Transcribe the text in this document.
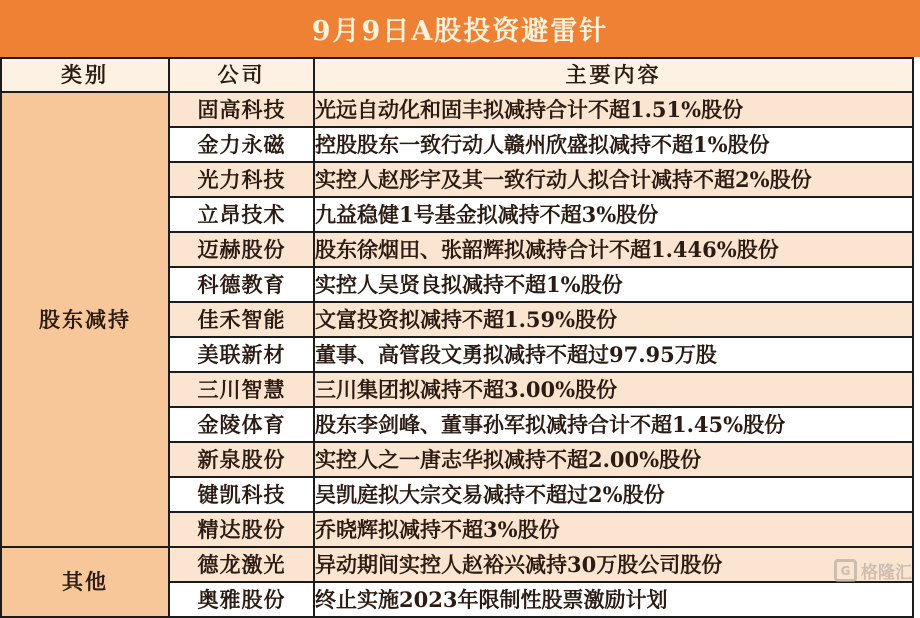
9月9日A股投资避雷针
类别	公司	主要内容
股东减持	固高科技	光远自动化和固丰拟减持合计不超1.51%股份
	金力永磁	控股股东一致行动人赣州欣盛拟减持不超1%股份
	光力科技	实控人赵彤宇及其一致行动人拟合计减持不超2%股份
	立昂技术	九益稳健1号基金拟减持不超3%股份
	迈赫股份	股东徐烟田、张韶辉拟减持合计不超1.446%股份
	科德教育	实控人吴贤良拟减持不超1%股份
	佳禾智能	文富投资拟减持不超1.59%股份
	美联新材	董事、高管段文勇拟减持不超过97.95万股
	三川智慧	三川集团拟减持不超3.00%股份
	金陵体育	股东李剑峰、董事孙军拟减持合计不超1.45%股份
	新泉股份	实控人之一唐志华拟减持不超2.00%股份
	键凯科技	吴凯庭拟大宗交易减持不超过2%股份
	精达股份	乔晓辉拟减持不超3%股份
其他	德龙激光	异动期间实控人赵裕兴减持30万股公司股份
	奥雅股份	终止实施2023年限制性股票激励计划
G 格隆汇
